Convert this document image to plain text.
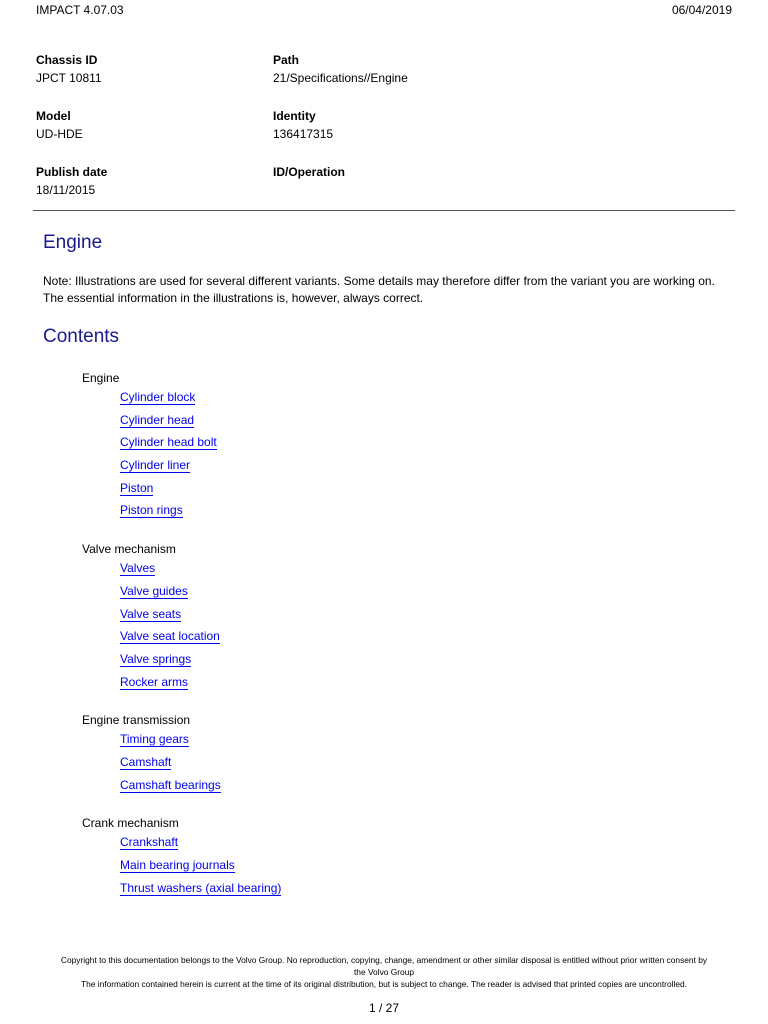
IMPACT 4.07.03	06/04/2019
Chassis ID
JPCT 10811
Path
21/Specifications//Engine
Model
UD-HDE
Identity
136417315
Publish date
18/11/2015
ID/Operation
Engine
Note: Illustrations are used for several different variants. Some details may therefore differ from the variant you are working on. The essential information in the illustrations is, however, always correct.
Contents
Engine
Cylinder block
Cylinder head
Cylinder head bolt
Cylinder liner
Piston
Piston rings
Valve mechanism
Valves
Valve guides
Valve seats
Valve seat location
Valve springs
Rocker arms
Engine transmission
Timing gears
Camshaft
Camshaft bearings
Crank mechanism
Crankshaft
Main bearing journals
Thrust washers (axial bearing)
Copyright to this documentation belongs to the Volvo Group. No reproduction, copying, change, amendment or other similar disposal is entitled without prior written consent by
the Volvo Group
The information contained herein is current at the time of its original distribution, but is subject to change. The reader is advised that printed copies are uncontrolled.
1 / 27
